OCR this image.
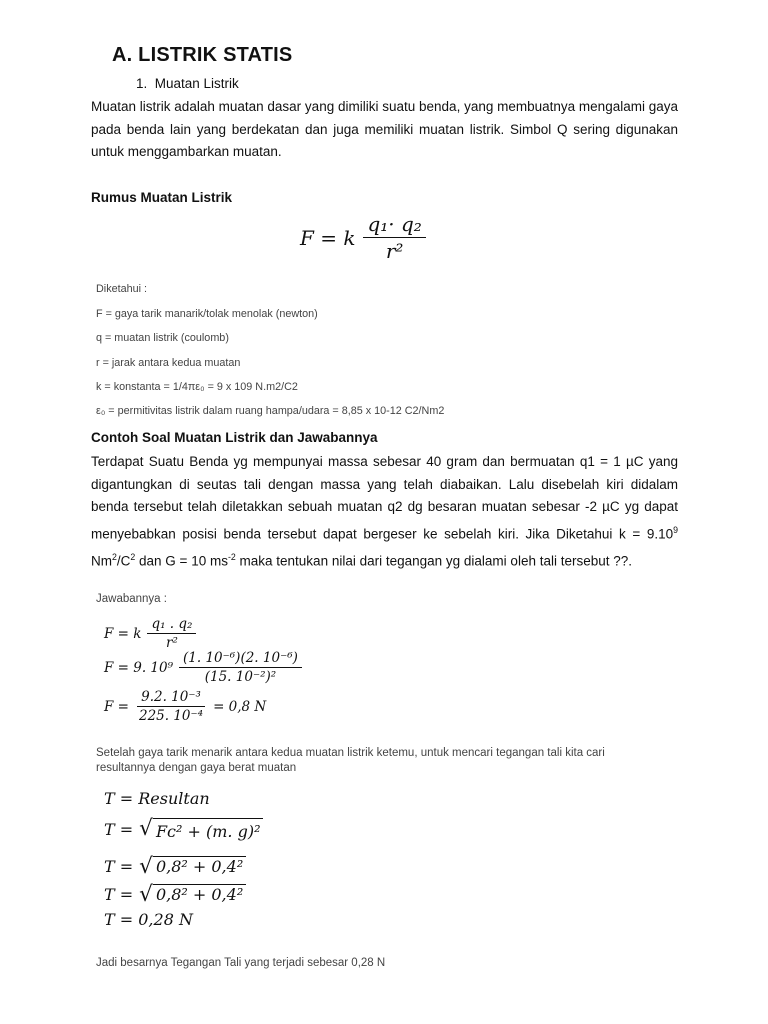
A. LISTRIK STATIS
1.  Muatan Listrik
Muatan listrik adalah muatan dasar yang dimiliki suatu benda, yang membuatnya mengalami gaya pada benda lain yang berdekatan dan juga memiliki muatan listrik. Simbol Q sering digunakan untuk menggambarkan muatan.
Rumus Muatan Listrik
F = k $\frac{\text{q₁· q₂}}{\text{r²}}$
Diketahui :
F = gaya tarik manarik/tolak menolak (newton)
q = muatan listrik (coulomb)
r = jarak antara kedua muatan
k = konstanta = 1/4πε₀ = 9 x 109 N.m2/C2
ε₀ = permitivitas listrik dalam ruang hampa/udara = 8,85 x 10-12 C2/Nm2
Contoh Soal Muatan Listrik dan Jawabannya
Terdapat Suatu Benda yg mempunyai massa sebesar 40 gram dan bermuatan q1 = 1 µC yang digantungkan di seutas tali dengan massa yang telah diabaikan. Lalu disebelah kiri didalam benda tersebut telah diletakkan sebuah muatan q2 dg besaran muatan sebesar -2 µC yg dapat menyebabkan posisi benda tersebut dapat bergeser ke sebelah kiri. Jika Diketahui $k = 9.10^9$ $Nm^2/C^2$ dan G = 10 $ms^{-2}$ maka tentukan nilai dari tegangan yg dialami oleh tali tersebut ??.
Jawabannya :
F = k $\frac{\text{q₁ . q₂}}{\text{r²}}$
F = 9. $10^9 \frac{\text{(1. 10⁻⁶)(2. 10⁻⁶)}}{\text{(15. 10⁻²)²}}$
$F = \frac{\text{9.2. 10⁻³}}{\text{225. 10⁻⁴}} = 0,8$ N
Setelah gaya tarik menarik antara kedua muatan listrik ketemu, untuk mencari tegangan tali kita cari resultannya dengan gaya berat muatan
T = Resultan
T = √ Fᴄ² + (m. g)²
T = √ 0,8² + 0,4²
T = √ 0,8² + 0,4²
T = 0,28 N
Jadi besarnya Tegangan Tali yang terjadi sebesar 0,28 N
